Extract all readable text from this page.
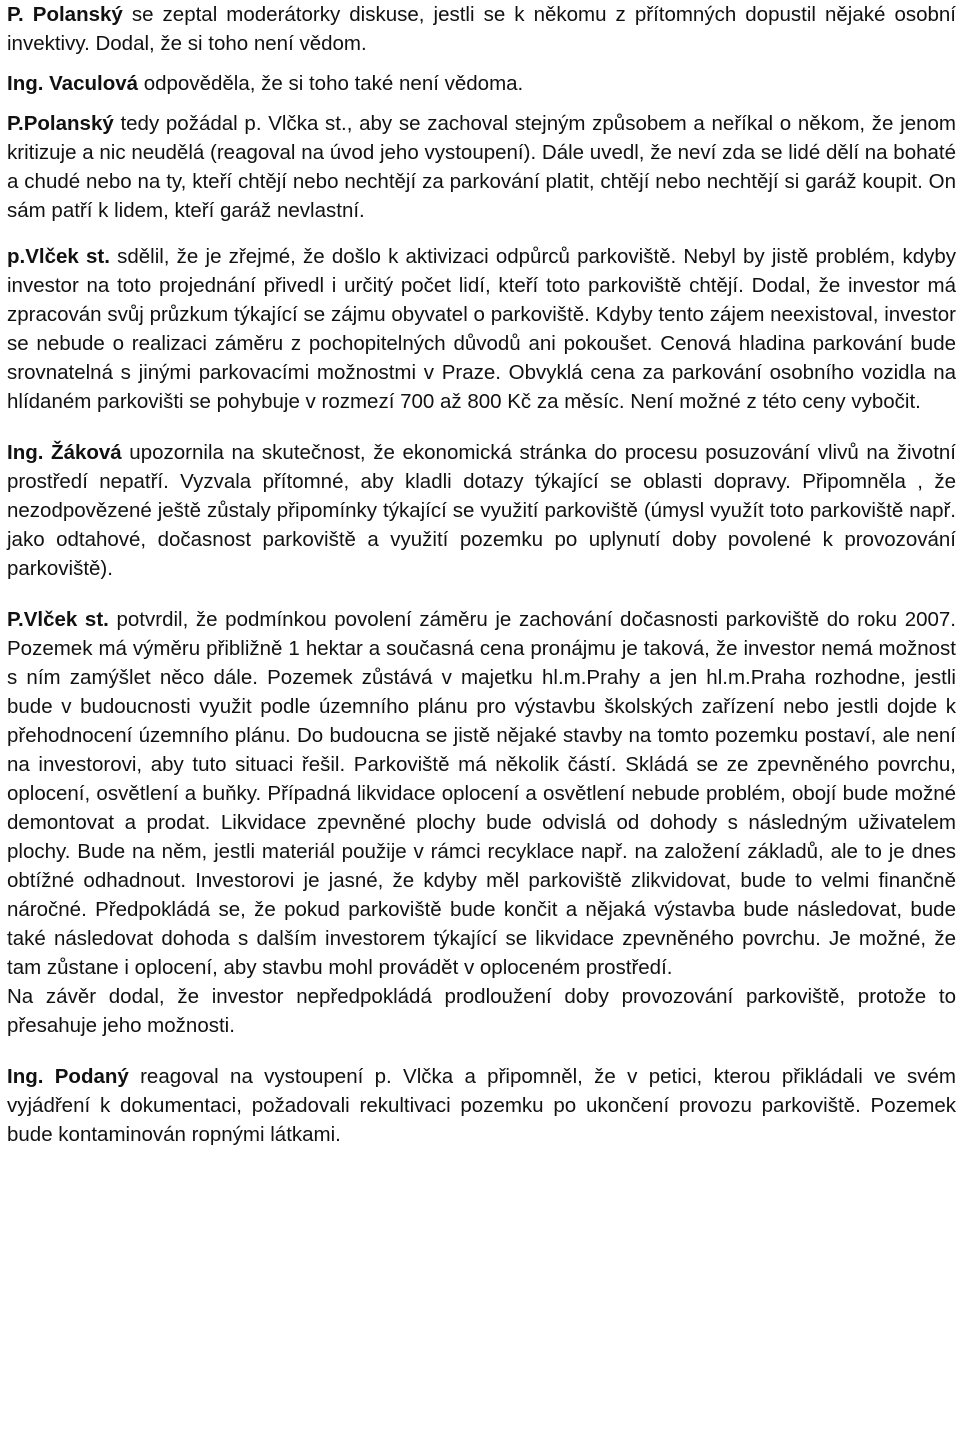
P. Polanský se zeptal moderátorky diskuse, jestli se k někomu z přítomných dopustil nějaké osobní invektivy. Dodal, že si toho není vědom.

Ing. Vaculová odpověděla, že si toho také není vědoma.

P.Polanský tedy požádal p. Vlčka st., aby se zachoval stejným způsobem a neříkal o někom, že jenom kritizuje a nic neudělá (reagoval na úvod jeho vystoupení). Dále uvedl, že neví zda se lidé dělí na bohaté a chudé nebo na ty, kteří chtějí nebo nechtějí za parkování platit, chtějí nebo nechtějí si garáž koupit. On sám patří k lidem, kteří garáž nevlastní.

p.Vlček st. sdělil, že je zřejmé, že došlo k aktivizaci odpůrců parkoviště. Nebyl by jistě problém, kdyby investor na toto projednání přivedl i určitý počet lidí, kteří toto parkoviště chtějí. Dodal, že investor má zpracován svůj průzkum týkající se zájmu obyvatel o parkoviště. Kdyby tento zájem neexistoval, investor se nebude o realizaci záměru z pochopitelných důvodů ani pokoušet. Cenová hladina parkování bude srovnatelná s jinými parkovacími možnostmi v Praze. Obvyklá cena za parkování osobního vozidla na hlídaném parkovišti se pohybuje v rozmezí 700 až 800 Kč za měsíc. Není možné z této ceny vybočit.

Ing. Žáková upozornila na skutečnost, že ekonomická stránka do procesu posuzování vlivů na životní prostředí nepatří. Vyzvala přítomné, aby kladli dotazy týkající se oblasti dopravy. Připomněla , že nezodpovězené ještě zůstaly připomínky týkající se využití parkoviště (úmysl využít toto parkoviště např. jako odtahové, dočasnost parkoviště a využití pozemku po uplynutí doby povolené k provozování parkoviště).

P.Vlček st. potvrdil, že podmínkou povolení záměru je zachování dočasnosti parkoviště do roku 2007. Pozemek má výměru přibližně 1 hektar a současná cena pronájmu je taková, že investor nemá možnost s ním zamýšlet něco dále. Pozemek zůstává v majetku hl.m.Prahy a jen hl.m.Praha rozhodne, jestli bude v budoucnosti využit podle územního plánu pro výstavbu školských zařízení nebo jestli dojde k přehodnocení územního plánu. Do budoucna se jistě nějaké stavby na tomto pozemku postaví, ale není na investorovi, aby tuto situaci řešil. Parkoviště má několik částí. Skládá se ze zpevněného povrchu, oplocení, osvětlení a buňky. Případná likvidace oplocení a osvětlení nebude problém, obojí bude možné demontovat a prodat. Likvidace zpevněné plochy bude odvislá od dohody s následným uživatelem plochy. Bude na něm, jestli materiál použije v rámci recyklace např. na založení základů, ale to je dnes obtížné odhadnout. Investorovi je jasné, že kdyby měl parkoviště zlikvidovat, bude to velmi finančně náročné. Předpokládá se, že pokud parkoviště bude končit a nějaká výstavba bude následovat, bude také následovat dohoda s dalším investorem týkající se likvidace zpevněného povrchu. Je možné, že tam zůstane i oplocení, aby stavbu mohl provádět v oploceném prostředí.

Na závěr dodal, že investor nepředpokládá prodloužení doby provozování parkoviště, protože to přesahuje jeho možnosti.

Ing. Podaný reagoval na vystoupení p. Vlčka a připomněl, že v petici, kterou přikládali ve svém vyjádření k dokumentaci, požadovali rekultivaci pozemku po ukončení provozu parkoviště. Pozemek bude kontaminován ropnými látkami.
